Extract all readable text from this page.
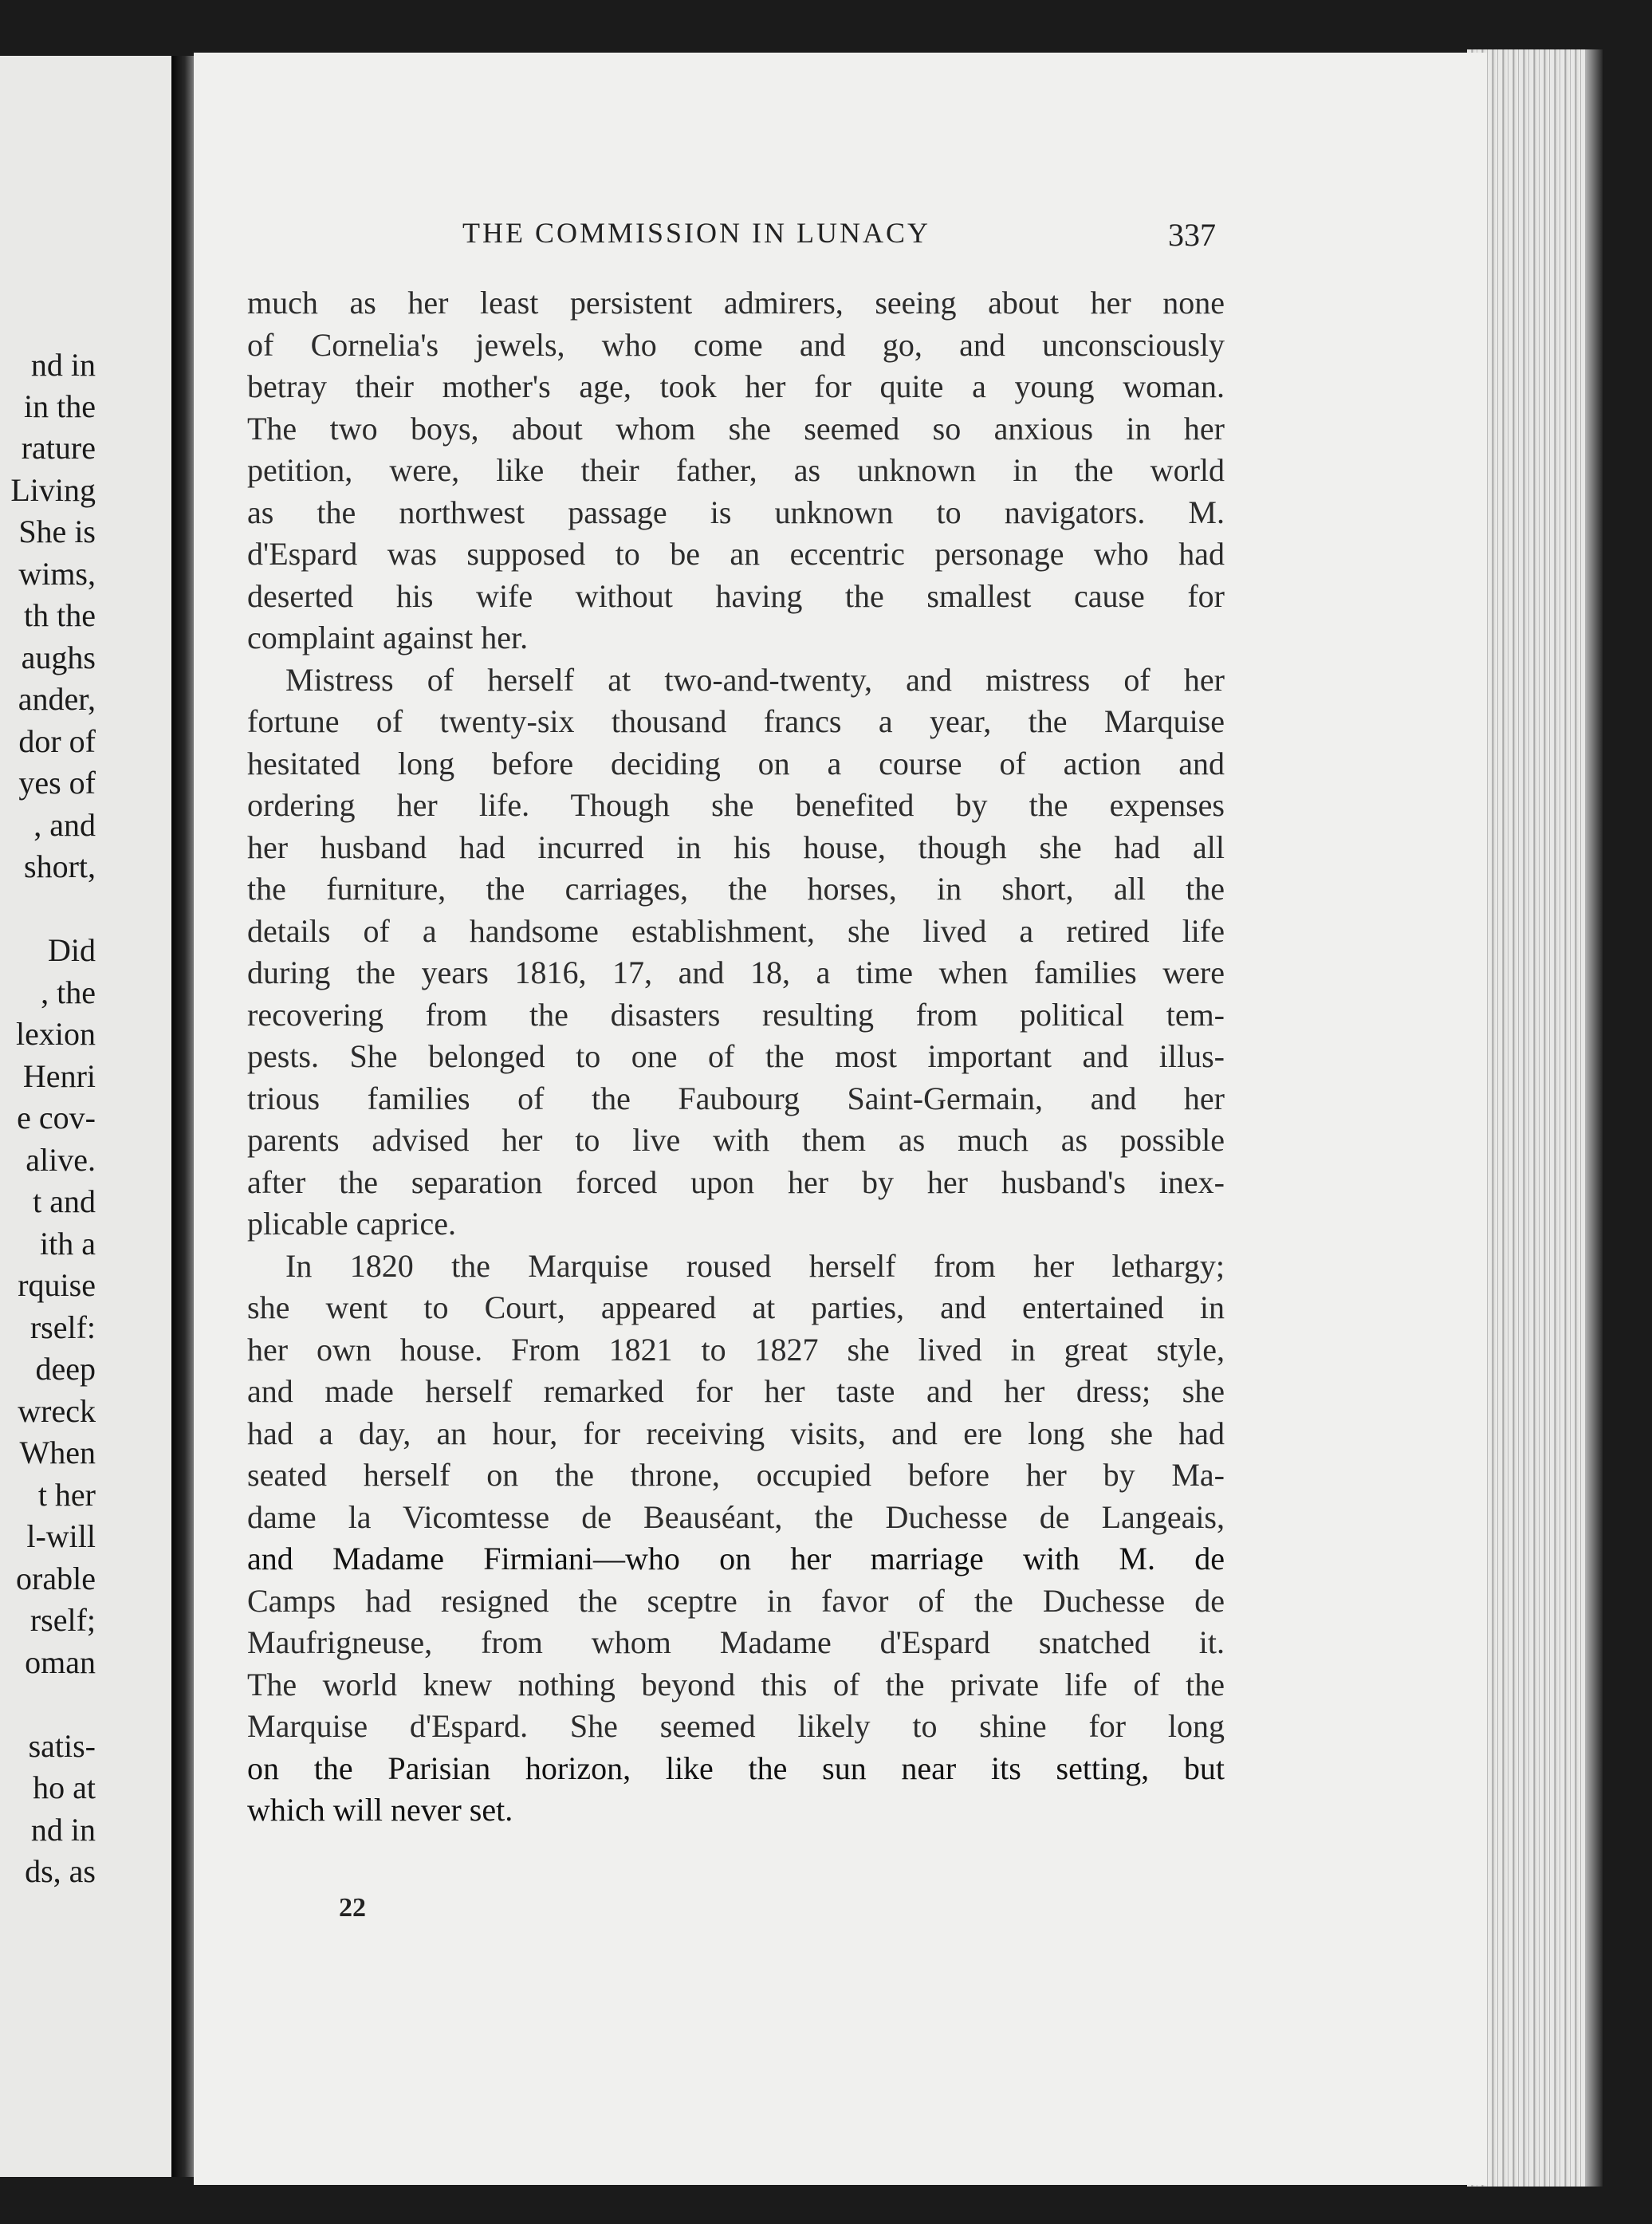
nd in
in the
rature
Living
She is
wims,
th the
aughs
ander,
dor of
yes of
, and
short,
Did
, the
lexion
Henri
e cov-
alive.
t and
ith a
rquise
rself:
deep
wreck
When
t her
l-will
orable
rself;
oman
satis-
ho at
nd in
ds, as
THE COMMISSION IN LUNACY	337
much as her least persistent admirers, seeing about her none
of Cornelia's jewels, who come and go, and unconsciously
betray their mother's age, took her for quite a young woman.
The two boys, about whom she seemed so anxious in her
petition, were, like their father, as unknown in the world
as the northwest passage is unknown to navigators. M.
d'Espard was supposed to be an eccentric personage who had
deserted his wife without having the smallest cause for
complaint against her.
Mistress of herself at two-and-twenty, and mistress of her
fortune of twenty-six thousand francs a year, the Marquise
hesitated long before deciding on a course of action and
ordering her life. Though she benefited by the expenses
her husband had incurred in his house, though she had all
the furniture, the carriages, the horses, in short, all the
details of a handsome establishment, she lived a retired life
during the years 1816, 17, and 18, a time when families were
recovering from the disasters resulting from political tem-
pests. She belonged to one of the most important and illus-
trious families of the Faubourg Saint-Germain, and her
parents advised her to live with them as much as possible
after the separation forced upon her by her husband's inex-
plicable caprice.
In 1820 the Marquise roused herself from her lethargy;
she went to Court, appeared at parties, and entertained in
her own house. From 1821 to 1827 she lived in great style,
and made herself remarked for her taste and her dress; she
had a day, an hour, for receiving visits, and ere long she had
seated herself on the throne, occupied before her by Ma-
dame la Vicomtesse de Beauséant, the Duchesse de Langeais,
and Madame Firmiani—who on her marriage with M. de
Camps had resigned the sceptre in favor of the Duchesse de
Maufrigneuse, from whom Madame d'Espard snatched it.
The world knew nothing beyond this of the private life of the
Marquise d'Espard. She seemed likely to shine for long
on the Parisian horizon, like the sun near its setting, but
which will never set.
22
